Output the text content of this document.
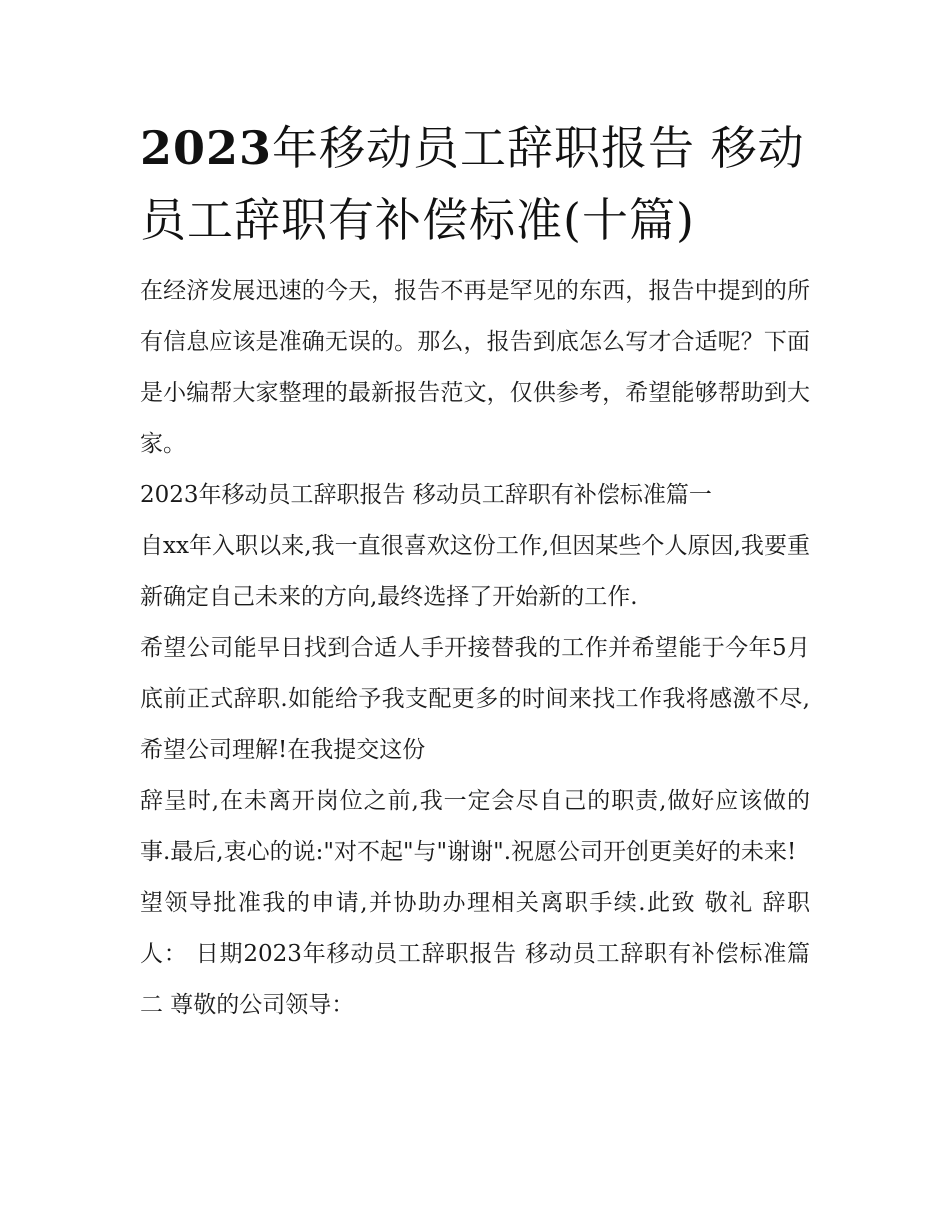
2023年移动员工辞职报告 移动员工辞职有补偿标准(十篇)

在经济发展迅速的今天，报告不再是罕见的东西，报告中提到的所有信息应该是准确无误的。那么，报告到底怎么写才合适呢？下面是小编帮大家整理的最新报告范文，仅供参考，希望能够帮助到大家。

2023年移动员工辞职报告 移动员工辞职有补偿标准篇一

自xx年入职以来,我一直很喜欢这份工作,但因某些个人原因,我要重新确定自己未来的方向,最终选择了开始新的工作.

希望公司能早日找到合适人手开接替我的工作并希望能于今年5月底前正式辞职.如能给予我支配更多的时间来找工作我将感激不尽,希望公司理解!在我提交这份

辞呈时,在未离开岗位之前,我一定会尽自己的职责,做好应该做的事.最后,衷心的说:"对不起"与"谢谢".祝愿公司开创更美好的未来!

望领导批准我的申请,并协助办理相关离职手续.此致 敬礼 辞职人： 日期2023年移动员工辞职报告 移动员工辞职有补偿标准篇二 尊敬的公司领导：
